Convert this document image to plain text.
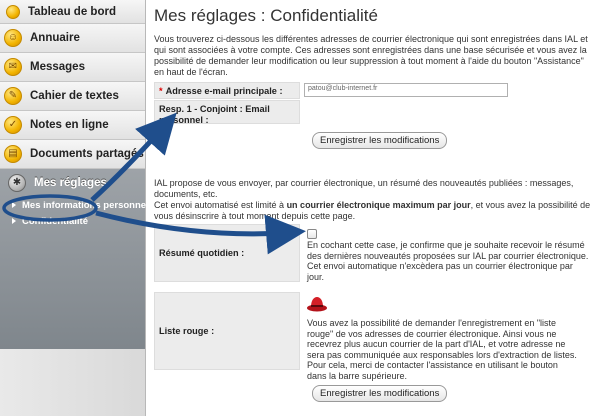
Tableau de bord
☺	Annuaire
✉	Messages
✎	Cahier de textes
✓	Notes en ligne
▤	Documents partagés
✱	Mes réglages
Mes informations personnelles
Confidentialité
Mes réglages : Confidentialité

Vous trouverez ci-dessous les différentes adresses de courrier électronique qui sont enregistrées dans IAL et qui sont associées à votre compte. Ces adresses sont enregistrées dans une base sécurisée et vous avez la possibilité de demander leur modification ou leur suppression à tout moment à l'aide du bouton "Assistance" en haut de l'écran.

* Adresse e-mail principale :	patou@club-internet.fr
Resp. 1 - Conjoint : Email personnel :
Enregistrer les modifications

IAL propose de vous envoyer, par courrier électronique, un résumé des nouveautés publiées : messages, documents, etc.
Cet envoi automatisé est limité à un courrier électronique maximum par jour, et vous avez la possibilité de vous désinscrire à tout moment depuis cette page.

Résumé quotidien :
En cochant cette case, je confirme que je souhaite recevoir le résumé des dernières nouveautés proposées sur IAL par courrier électronique. Cet envoi automatique n'excèdera pas un courrier électronique par jour.
Liste rouge :
Vous avez la possibilité de demander l'enregistrement en "liste rouge" de vos adresses de courrier électronique. Ainsi vous ne recevrez plus aucun courrier de la part d'IAL, et votre adresse ne sera pas communiquée aux responsables lors d'extraction de listes. Pour cela, merci de contacter l'assistance en utilisant le bouton dans la barre supérieure.
Enregistrer les modifications
